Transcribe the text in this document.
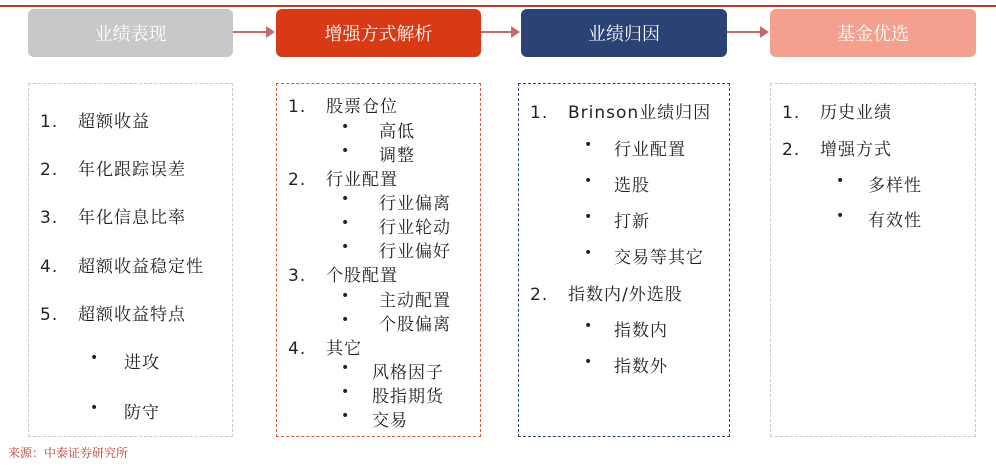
业绩表现	增强方式解析	业绩归因	基金优选
1. 超额收益
2. 年化跟踪误差
3. 年化信息比率
4. 超额收益稳定性
5. 超额收益特点
• 进攻
• 防守
1. 股票仓位
• 高低
• 调整
2. 行业配置
• 行业偏离
• 行业轮动
• 行业偏好
3. 个股配置
• 主动配置
• 个股偏离
4. 其它
• 风格因子
• 股指期货
• 交易
1. Brinson业绩归因
• 行业配置
• 选股
• 打新
• 交易等其它
2. 指数内/外选股
• 指数内
• 指数外
1. 历史业绩
2. 增强方式
• 多样性
• 有效性
来源：中泰证券研究所
